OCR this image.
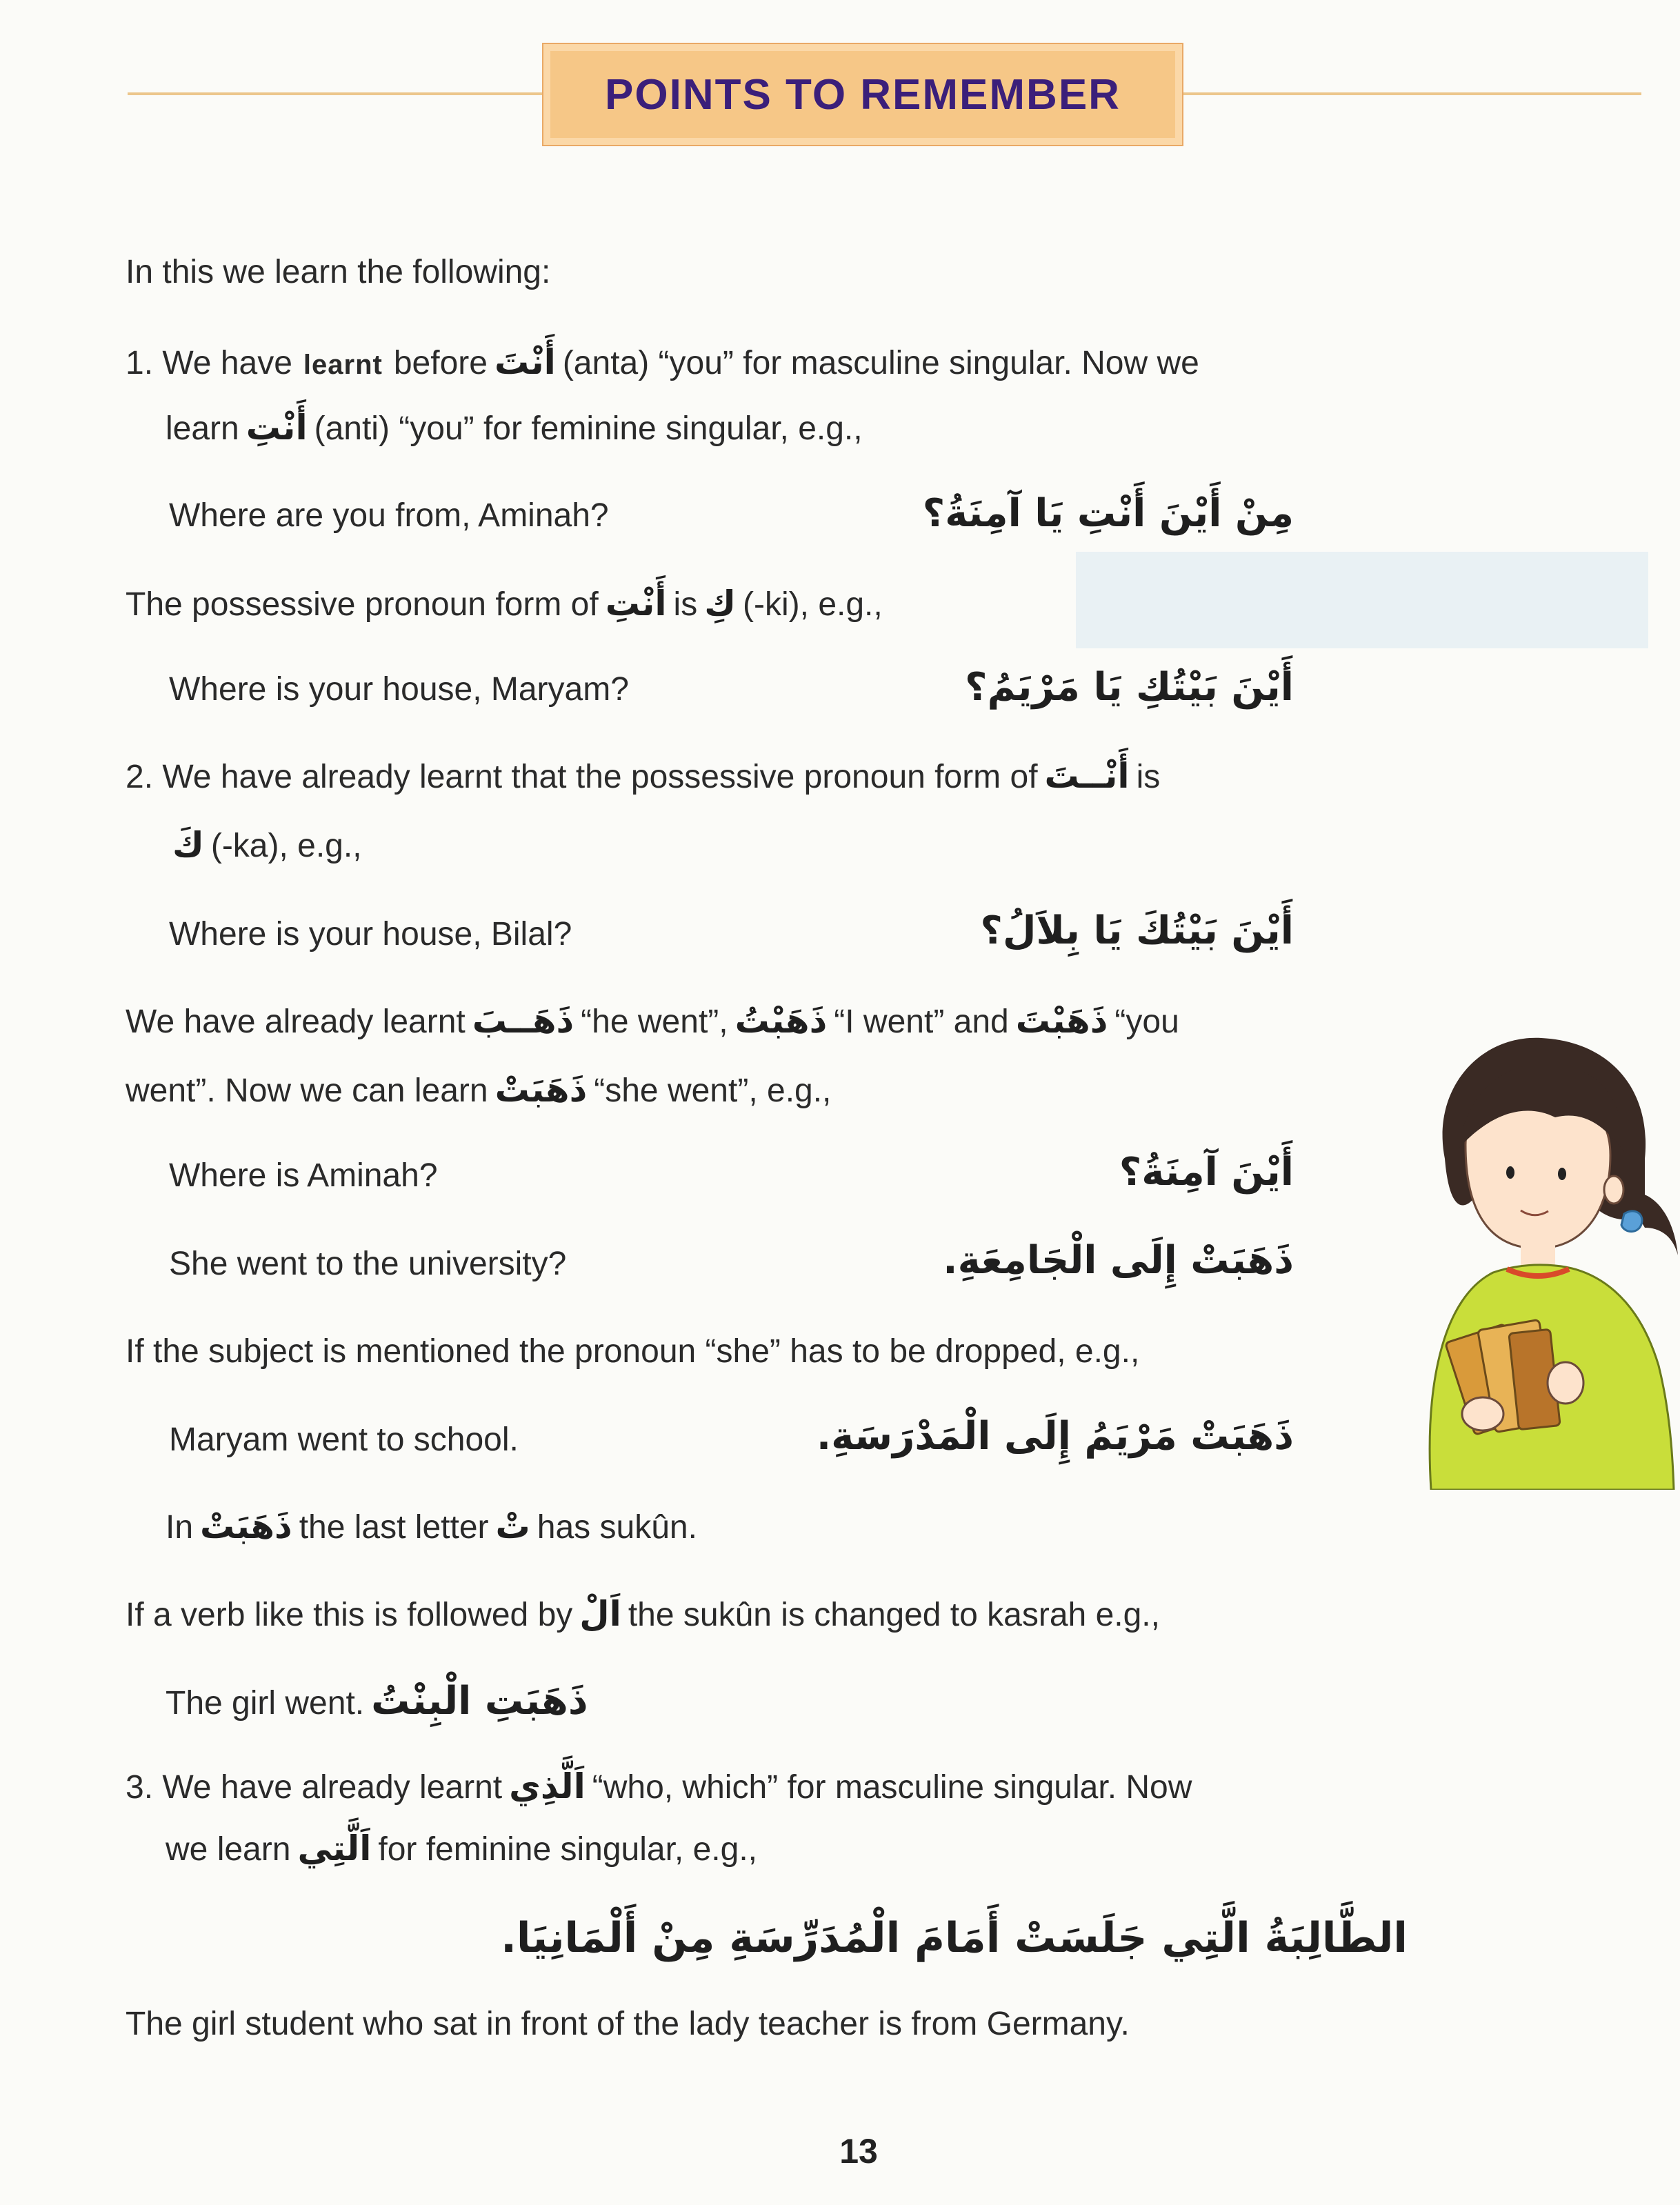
POINTS TO REMEMBER
In this we learn the following:
1. We have learnt before أَنْتَ (anta) “you” for masculine singular. Now we
learn أَنْتِ (anti) “you” for feminine singular, e.g.,
Where are you from, Aminah?	مِنْ أَيْنَ أَنْتِ يَا آمِنَةُ؟
The possessive pronoun form of أَنْتِ is كِ (-ki), e.g.,
Where is your house, Maryam?	أَيْنَ بَيْتُكِ يَا مَرْيَمُ؟
2. We have already learnt that the possessive pronoun form of أَنْــتَ is
كَ (-ka), e.g.,
Where is your house, Bilal?	أَيْنَ بَيْتُكَ يَا بِلاَلُ؟
We have already learnt ذَهَــبَ “he went”, ذَهَبْتُ “I went” and ذَهَبْتَ “you
went”. Now we can learn ذَهَبَتْ “she went”, e.g.,
Where is Aminah?	أَيْنَ آمِنَةُ؟
She went to the university?	ذَهَبَتْ إِلَى الْجَامِعَةِ.
If the subject is mentioned the pronoun “she” has to be dropped, e.g.,
Maryam went to school.	ذَهَبَتْ مَرْيَمُ إِلَى الْمَدْرَسَةِ.
In ذَهَبَتْ the last letter تْ has sukûn.
If a verb like this is followed by اَلْ the sukûn is changed to kasrah e.g.,
The girl went. ذَهَبَتِ الْبِنْتُ
3. We have already learnt اَلَّذِي “who, which” for masculine singular. Now
we learn اَلَّتِي for feminine singular, e.g.,
الطَّالِبَةُ الَّتِي جَلَسَتْ أَمَامَ الْمُدَرِّسَةِ مِنْ أَلْمَانِيَا.
The girl student who sat in front of the lady teacher is from Germany.
13
